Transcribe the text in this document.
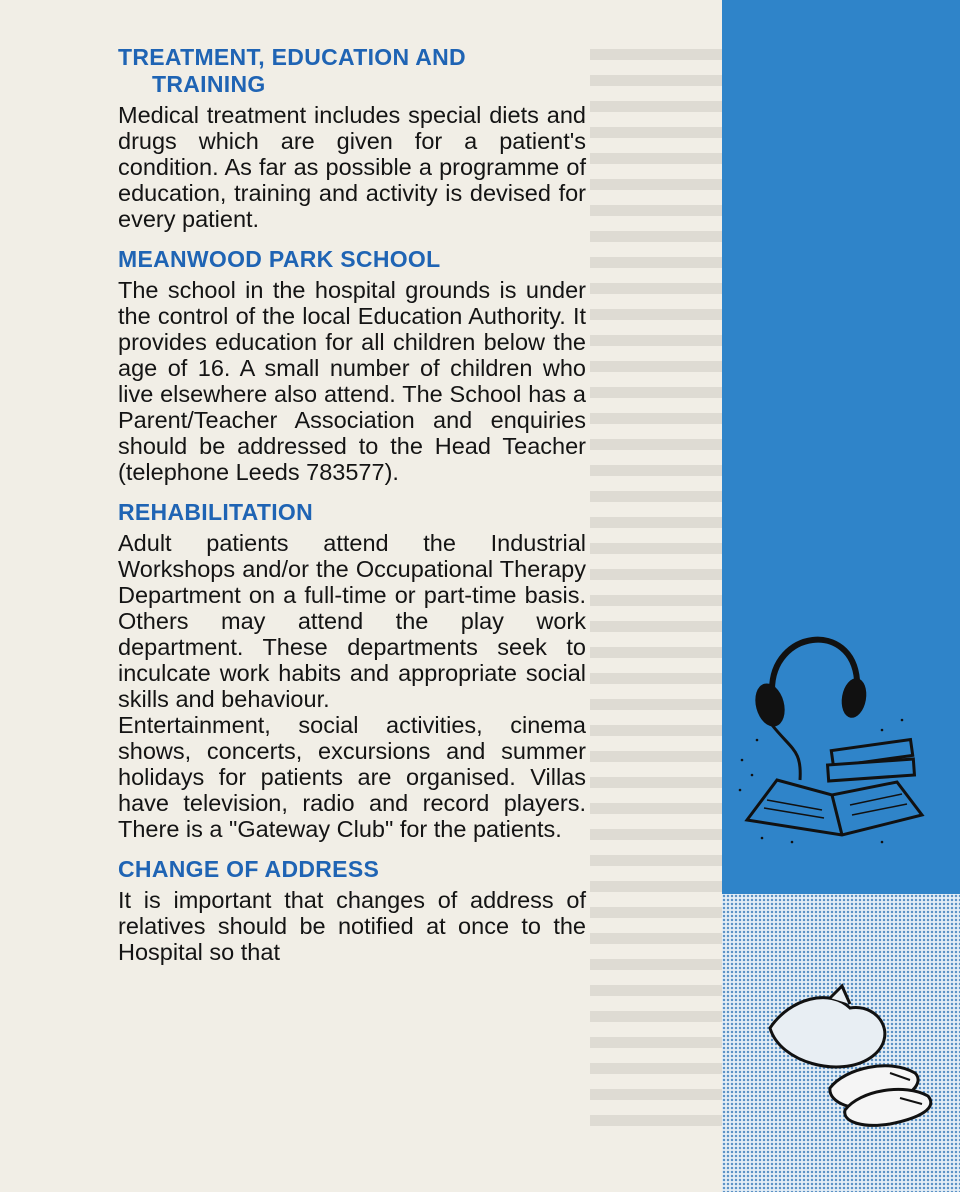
TREATMENT, EDUCATION AND
TRAINING

Medical treatment includes special diets and drugs which are given for a patient's condition. As far as possible a programme of education, training and activity is devised for every patient.

MEANWOOD PARK SCHOOL

The school in the hospital grounds is under the control of the local Education Authority. It provides education for all children below the age of 16. A small number of children who live elsewhere also attend. The School has a Parent/Teacher Association and enquiries should be addressed to the Head Teacher (telephone Leeds 783577).

REHABILITATION

Adult patients attend the Industrial Workshops and/or the Occupational Therapy Department on a full-time or part-time basis. Others may attend the play work department. These departments seek to inculcate work habits and appropriate social skills and behaviour.

Entertainment, social activities, cinema shows, concerts, excursions and summer holidays for patients are organised. Villas have television, radio and record players. There is a "Gateway Club" for the patients.

CHANGE OF ADDRESS

It is important that changes of address of relatives should be notified at once to the Hospital so that
